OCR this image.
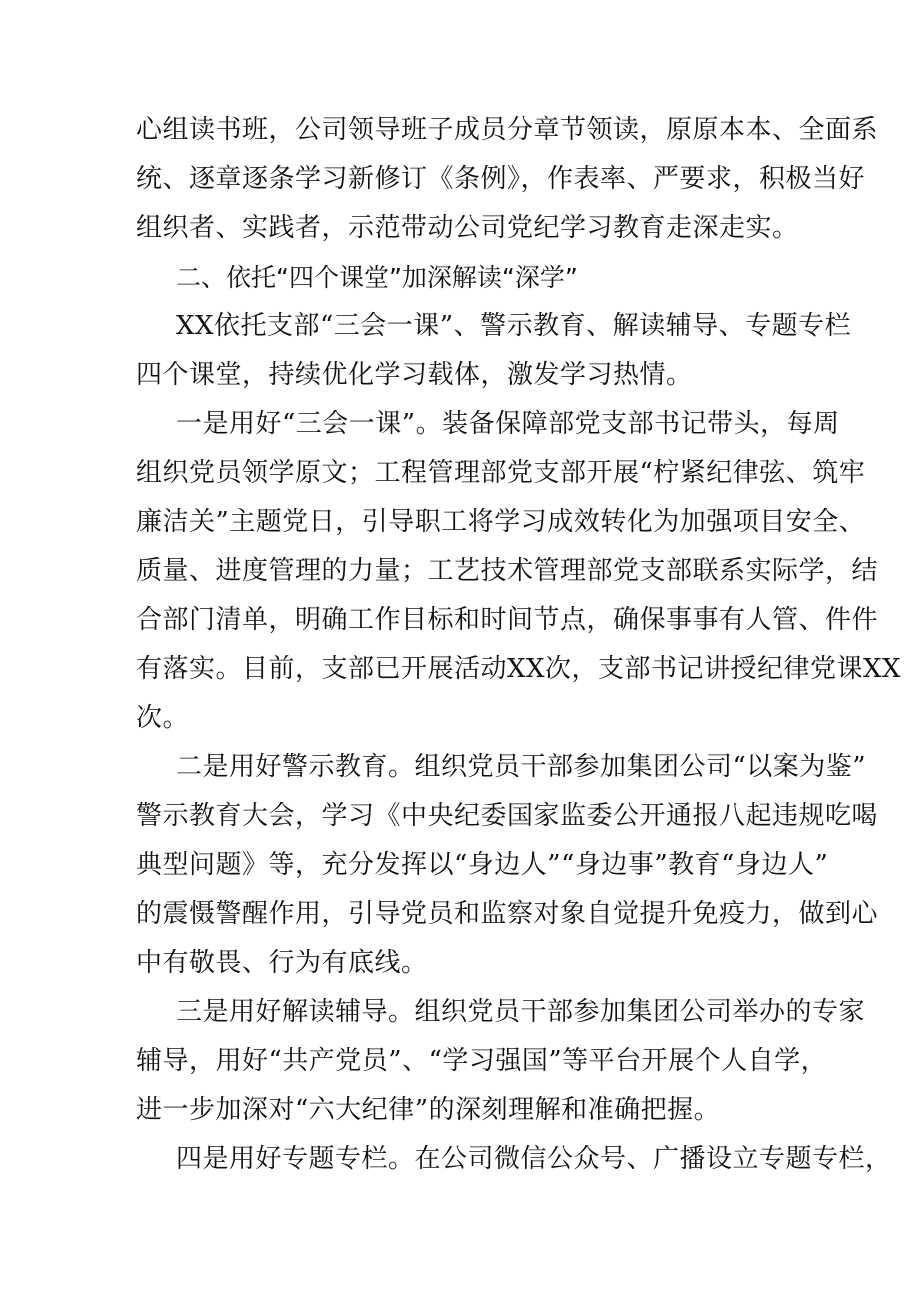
心组读书班，公司领导班子成员分章节领读，原原本本、全面系
统、逐章逐条学习新修订《条例》，作表率、严要求，积极当好
组织者、实践者，示范带动公司党纪学习教育走深走实。
二、依托“四个课堂”加深解读“深学”
XX依托支部“三会一课”、警示教育、解读辅导、专题专栏
四个课堂，持续优化学习载体，激发学习热情。
一是用好“三会一课”。装备保障部党支部书记带头，每周
组织党员领学原文；工程管理部党支部开展“柠紧纪律弦、筑牢
廉洁关”主题党日，引导职工将学习成效转化为加强项目安全、
质量、进度管理的力量；工艺技术管理部党支部联系实际学，结
合部门清单，明确工作目标和时间节点，确保事事有人管、件件
有落实。目前，支部已开展活动XX次，支部书记讲授纪律党课XX
次。
二是用好警示教育。组织党员干部参加集团公司“以案为鉴”
警示教育大会，学习《中央纪委国家监委公开通报八起违规吃喝
典型问题》等，充分发挥以“身边人”“身边事”教育“身边人”
的震慑警醒作用，引导党员和监察对象自觉提升免疫力，做到心
中有敬畏、行为有底线。
三是用好解读辅导。组织党员干部参加集团公司举办的专家
辅导，用好“共产党员”、“学习强国”等平台开展个人自学，
进一步加深对“六大纪律”的深刻理解和准确把握。
四是用好专题专栏。在公司微信公众号、广播设立专题专栏，
